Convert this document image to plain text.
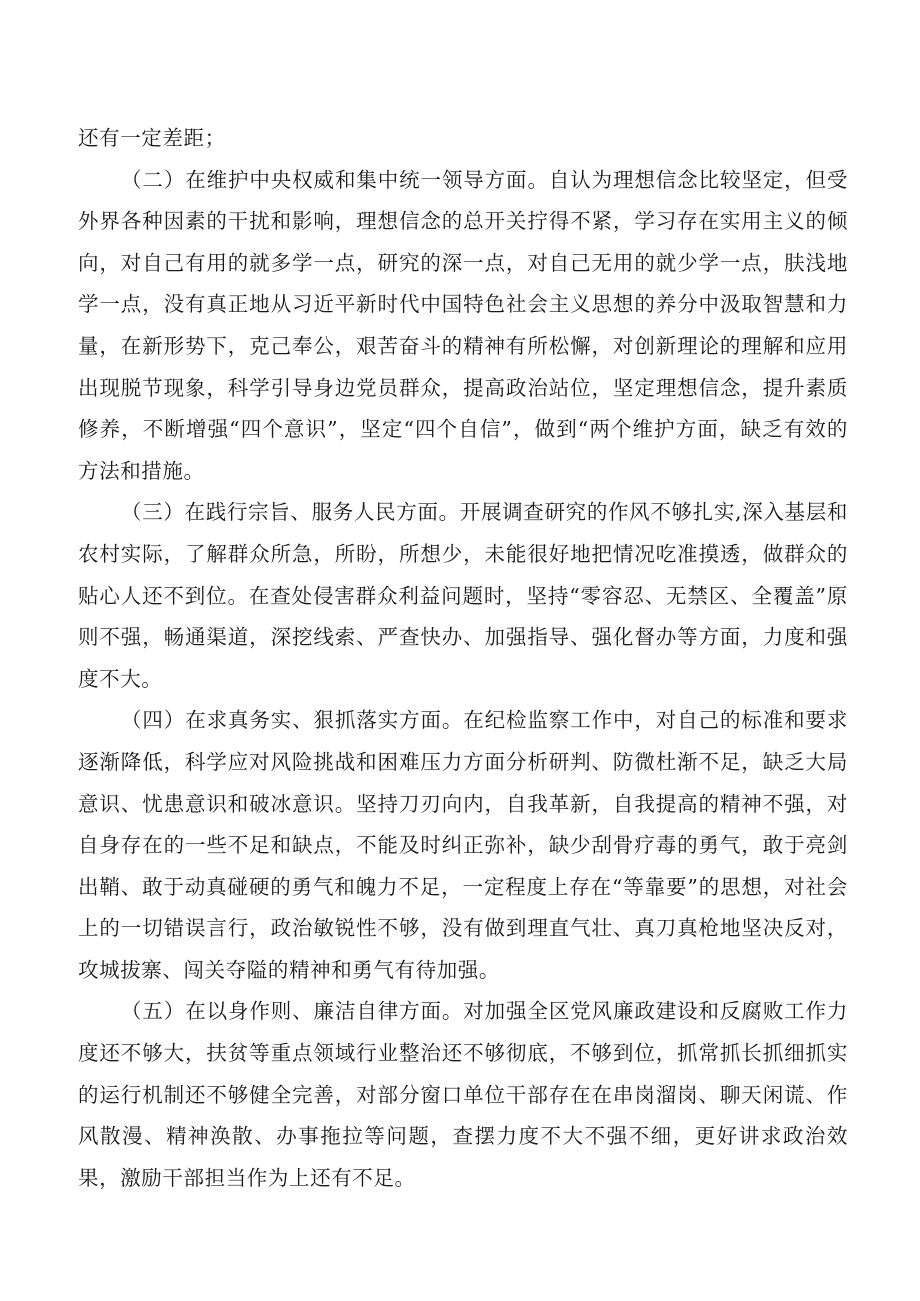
还有一定差距；

（二）在维护中央权威和集中统一领导方面。自认为理想信念比较坚定，但受外界各种因素的干扰和影响，理想信念的总开关拧得不紧，学习存在实用主义的倾向，对自己有用的就多学一点，研究的深一点，对自己无用的就少学一点，肤浅地学一点，没有真正地从习近平新时代中国特色社会主义思想的养分中汲取智慧和力量，在新形势下，克己奉公，艰苦奋斗的精神有所松懈，对创新理论的理解和应用出现脱节现象，科学引导身边党员群众，提高政治站位，坚定理想信念，提升素质修养，不断增强“四个意识”，坚定“四个自信”，做到“两个维护方面，缺乏有效的方法和措施。

（三）在践行宗旨、服务人民方面。开展调查研究的作风不够扎实,深入基层和农村实际，了解群众所急，所盼，所想少，未能很好地把情况吃准摸透，做群众的贴心人还不到位。在查处侵害群众利益问题时，坚持“零容忍、无禁区、全覆盖”原则不强，畅通渠道，深挖线索、严查快办、加强指导、强化督办等方面，力度和强度不大。

（四）在求真务实、狠抓落实方面。在纪检监察工作中，对自己的标准和要求逐渐降低，科学应对风险挑战和困难压力方面分析研判、防微杜渐不足，缺乏大局意识、忧患意识和破冰意识。坚持刀刃向内，自我革新，自我提高的精神不强，对自身存在的一些不足和缺点，不能及时纠正弥补，缺少刮骨疗毒的勇气，敢于亮剑出鞘、敢于动真碰硬的勇气和魄力不足，一定程度上存在“等靠要”的思想，对社会上的一切错误言行，政治敏锐性不够，没有做到理直气壮、真刀真枪地坚决反对，攻城拔寨、闯关夺隘的精神和勇气有待加强。

（五）在以身作则、廉洁自律方面。对加强全区党风廉政建设和反腐败工作力度还不够大，扶贫等重点领域行业整治还不够彻底，不够到位，抓常抓长抓细抓实的运行机制还不够健全完善，对部分窗口单位干部存在在串岗溜岗、聊天闲谎、作风散漫、精神涣散、办事拖拉等问题，查摆力度不大不强不细，更好讲求政治效果，激励干部担当作为上还有不足。
